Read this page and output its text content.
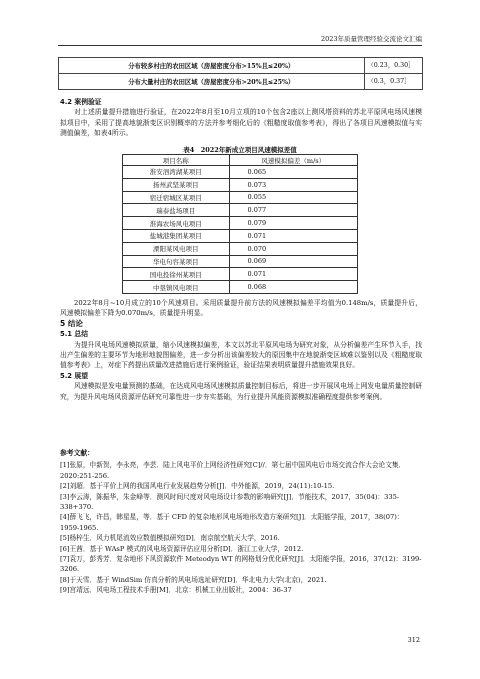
2023年质量管理经验交流论文汇编
分布较多村庄的农田区域（房屋密度分布>15%且≤20%）	（0.23，0.30］
分布大量村庄的农田区域（房屋密度分布>20%且≤25%）	（0.3，0.37］
4.2 案例验证

对上述质量提升措施进行验证，在2022年8月至10月立项的10个包含2座以上测风塔资料的苏北平原风电场风速模拟项目中，采用了提高地貌渐变区识别概率的方法并参考细化后的《粗糙度取值参考表》，得出了各项目风速模拟值与实测值偏差，如表4所示。

表4　2022年新成立项目风速模拟差值
项目名称	风速模拟偏差（m/s）
淮安泗湾湖某项目	0.065
扬州武坚某项目	0.073
宿迁宿城区某项目	0.055
瑞泰盐场项目	0.077
淮海农场风电项目	0.079
盐城港集团某项目	0.071
溧阳某风电项目	0.070
华电句容某项目	0.069
国电投徐州某项目	0.071
中垦镇风电项目	0.068

2022年8月~10月成立的10个风速项目。采用质量提升前方法的风速模拟偏差平均值为0.148m/s，质量提升后，风速模拟偏差下降为0.070m/s，质量提升明显。

5 结论
5.1 总结

为提升风电场风速模拟质量，缩小风速模拟偏差，本文以苏北平原风电场为研究对象，从分析偏差产生环节入手，找出产生偏差的主要环节为地形地貌图偏差，进一步分析出该偏差较大的原因集中在地貌渐变区域难以鉴别以及《粗糙度取值参考表》上，对症下药提出质量改进措施后进行案例验证，验证结果表明质量提升措施效果良好。

5.2 展望

风速模拟是发电量预测的基础，在达成风电场风速模拟质量控制目标后，将进一步开展风电场上网发电量质量控制研究，为提升风电场风资源评估研究可靠性进一步夯实基础，为行业提升风能资源模拟准确程度提供参考案例。

参考文献：

[1]张原，申新贺，李永亮，李芸．陆上风电平价上网经济性研究[C]//．第七届中国风电后市场交流合作大会论文集．2020:251-256.

[2]刘超．基于平价上网的我国风电行业发展趋势分析[J]．中外能源，2019，24(11):10-15.

[3]李云涛，陈振华，朱金峰等．测风时间尺度对风电场设计参数的影响研究[J]．节能技术，2017，35(04)：335-338+370.

[4]薛飞飞，许昌，韩星星，等．基于 CFD 的复杂地形风电场地形改造方案研究[J]．太阳能学报，2017，38(07)：1959-1965.

[5]杨梓生．风力机尾流效应数值模拟研究[D]．南京航空航天大学，2016.

[6]王茜．基于 WAsP 模式的风电场资源评估应用分析[D]．浙江工业大学，2012.

[7]袁万，彭秀芳．复杂地形下风资源软件 Meteodyn WT 的网格划分优化研究[J]．太阳能学报，2016，37(12)：3199-3206.

[8]于天雪．基于 WindSim 仿真分析的风电场选址研究[D]．华北电力大学(北京)，2021.

[9]宫靖远．风电场工程技术手册[M]．北京：机械工业出版社，2004：36-37

312
